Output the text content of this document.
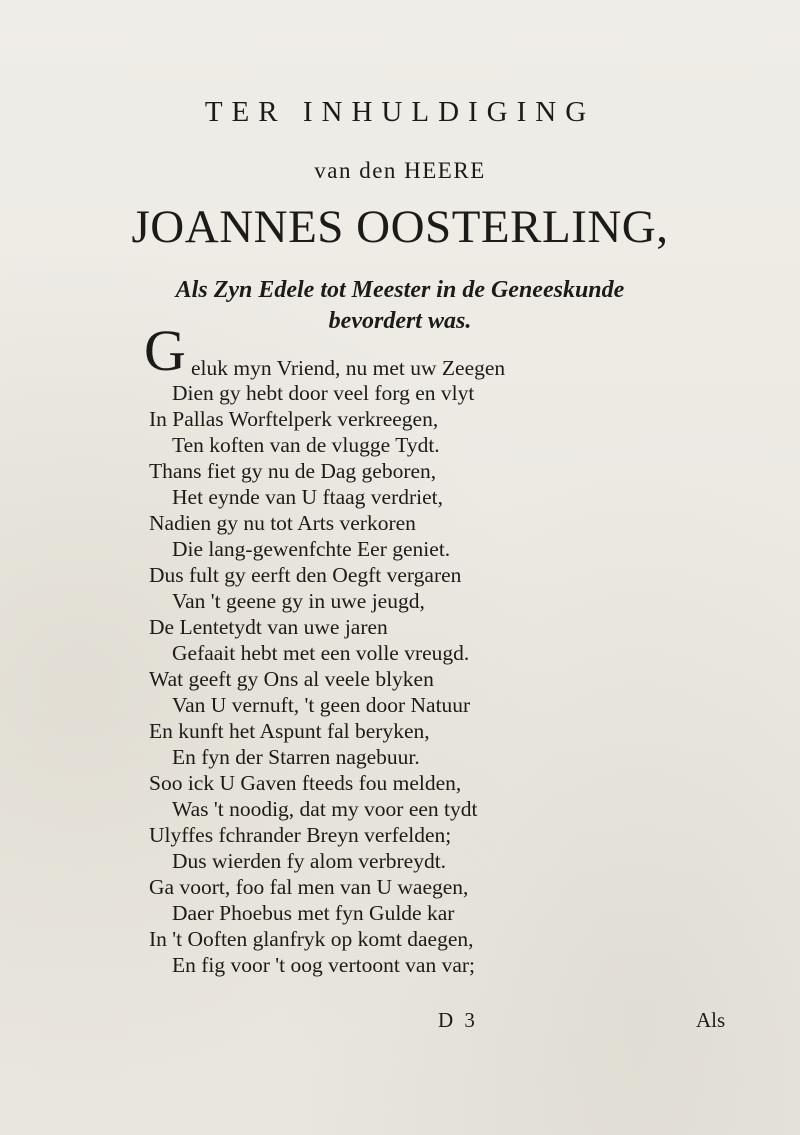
TER INHULDIGING
van den HEERE
JOANNES OOSTERLING,
Als Zyn Edele tot Meester in de Geneeskunde
bevordert was.
G eluk myn Vriend, nu met uw Zeegen
Dien gy hebt door veel forg en vlyt
In Pallas Worftelperk verkreegen,
Ten koften van de vlugge Tydt.
Thans fiet gy nu de Dag geboren,
Het eynde van U ftaag verdriet,
Nadien gy nu tot Arts verkoren
Die lang-gewenfchte Eer geniet.
Dus fult gy eerft den Oegft vergaren
Van 't geene gy in uwe jeugd,
De Lentetydt van uwe jaren
Gefaait hebt met een volle vreugd.
Wat geeft gy Ons al veele blyken
Van U vernuft, 't geen door Natuur
En kunft het Aspunt fal beryken,
En fyn der Starren nagebuur.
Soo ick U Gaven fteeds fou melden,
Was 't noodig, dat my voor een tydt
Ulyffes fchrander Breyn verfelden;
Dus wierden fy alom verbreydt.
Ga voort, foo fal men van U waegen,
Daer Phoebus met fyn Gulde kar
In 't Ooften glanfryk op komt daegen,
En fig voor 't oog vertoont van var;
D 3	Als
